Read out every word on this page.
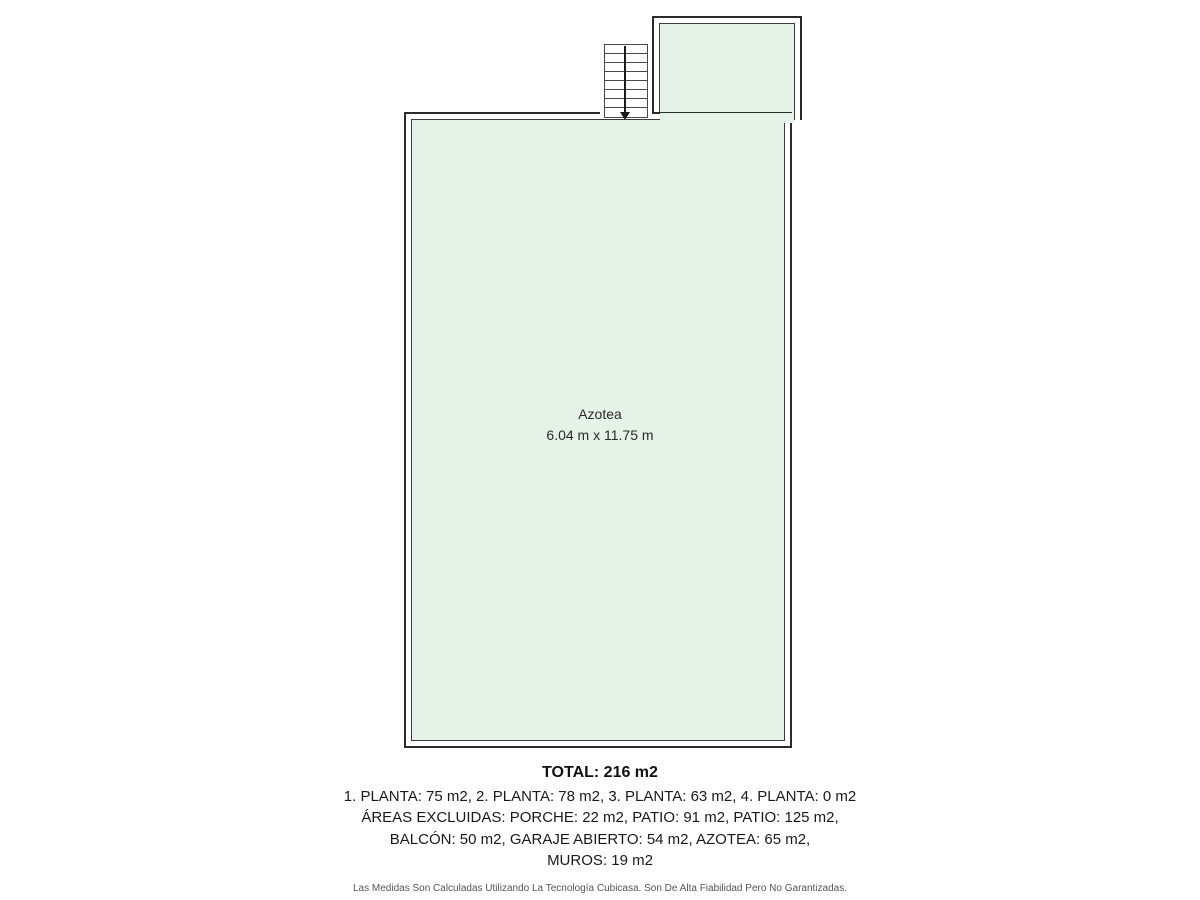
Azotea
6.04 m x 11.75 m
TOTAL: 216 m2
1. PLANTA: 75 m2, 2. PLANTA: 78 m2, 3. PLANTA: 63 m2, 4. PLANTA: 0 m2
ÁREAS EXCLUIDAS: PORCHE: 22 m2, PATIO: 91 m2, PATIO: 125 m2,
BALCÓN: 50 m2, GARAJE ABIERTO: 54 m2, AZOTEA: 65 m2,
MUROS: 19 m2
Las Medidas Son Calculadas Utilizando La Tecnología Cubicasa. Son De Alta Fiabilidad Pero No Garantizadas.
